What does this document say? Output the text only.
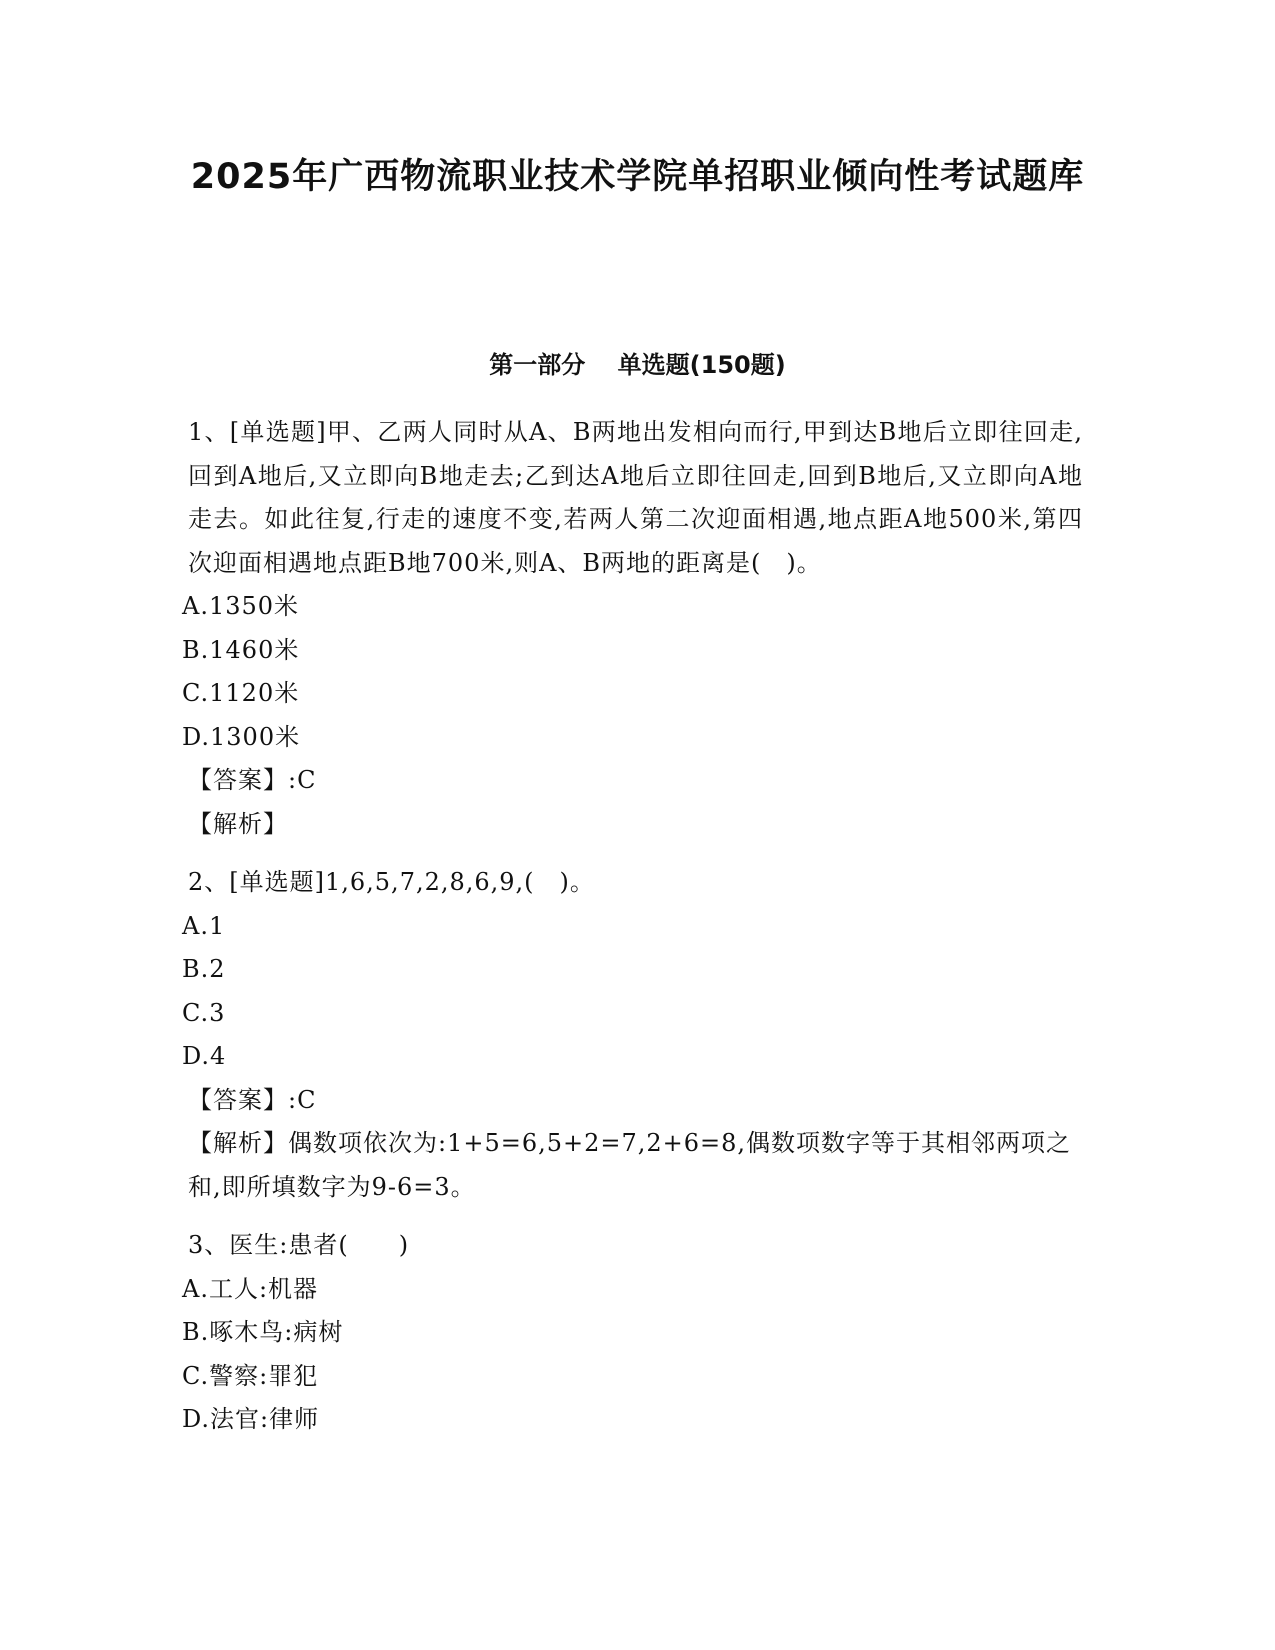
2025年广西物流职业技术学院单招职业倾向性考试题库
第一部分　 单选题(150题)

1、[单选题]甲、乙两人同时从A、B两地出发相向而行,甲到达B地后立即往回走,回到A地后,又立即向B地走去;乙到达A地后立即往回走,回到B地后,又立即向A地走去。如此往复,行走的速度不变,若两人第二次迎面相遇,地点距A地500米,第四次迎面相遇地点距B地700米,则A、B两地的距离是(　)。

A.1350米

B.1460米

C.1120米

D.1300米

【答案】:C

【解析】

2、[单选题]1,6,5,7,2,8,6,9,(　)。

A.1

B.2

C.3

D.4

【答案】:C

【解析】偶数项依次为:1+5=6,5+2=7,2+6=8,偶数项数字等于其相邻两项之和,即所填数字为9-6=3。

3、医生:患者(　　)

A.工人:机器

B.啄木鸟:病树

C.警察:罪犯

D.法官:律师
